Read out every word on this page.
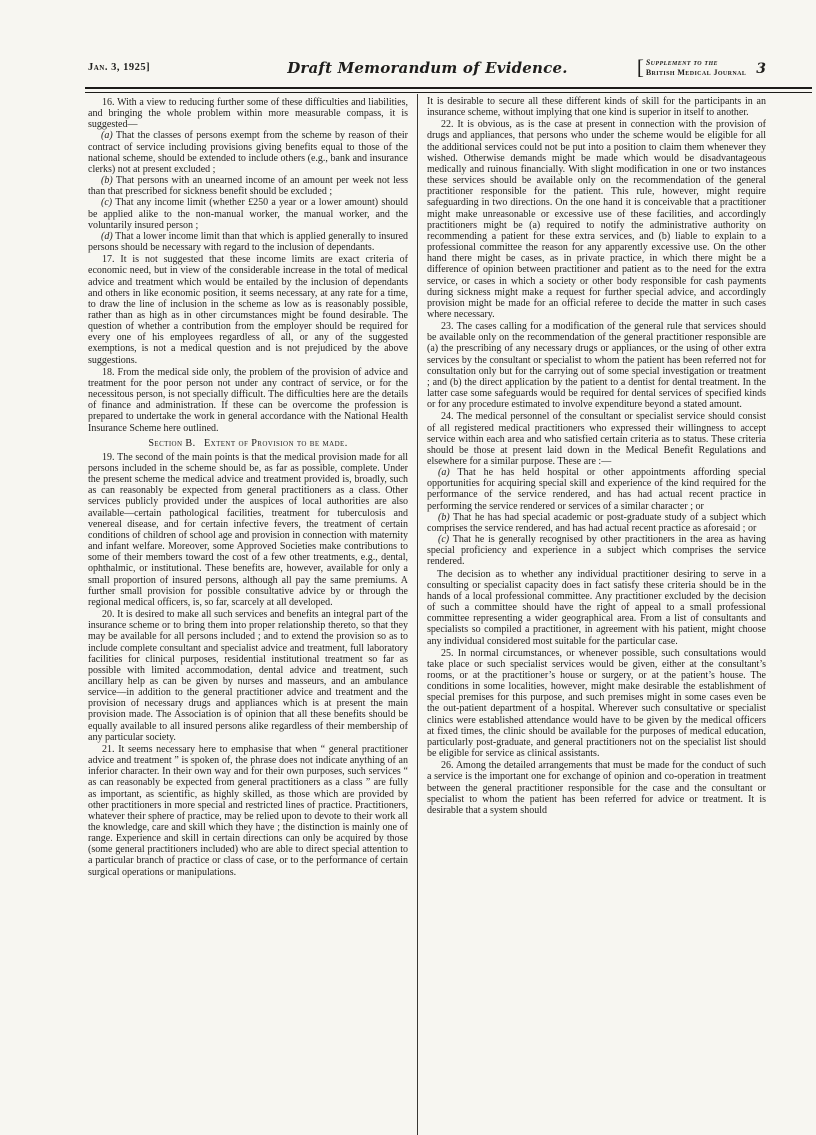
Jan. 3, 1925]	Draft Memorandum of Evidence.	[ Supplement to the
British Medical Journal 3

16. With a view to reducing further some of these difficulties and liabilities, and bringing the whole problem within more measurable compass, it is suggested—

(a) That the classes of persons exempt from the scheme by reason of their contract of service including provisions giving benefits equal to those of the national scheme, should be extended to include others (e.g., bank and insurance clerks) not at present excluded ;

(b) That persons with an unearned income of an amount per week not less than that prescribed for sickness benefit should be excluded ;

(c) That any income limit (whether £250 a year or a lower amount) should be applied alike to the non-manual worker, the manual worker, and the voluntarily insured person ;

(d) That a lower income limit than that which is applied generally to insured persons should be necessary with regard to the inclusion of dependants.

17. It is not suggested that these income limits are exact criteria of economic need, but in view of the considerable increase in the total of medical advice and treatment which would be entailed by the inclusion of dependants and others in like economic position, it seems necessary, at any rate for a time, to draw the line of inclusion in the scheme as low as is reasonably possible, rather than as high as in other circumstances might be found desirable. The question of whether a contribution from the employer should be required for every one of his employees regardless of all, or any of the suggested exemptions, is not a medical question and is not prejudiced by the above suggestions.

18. From the medical side only, the problem of the provision of advice and treatment for the poor person not under any contract of service, or for the necessitous person, is not specially difficult. The difficulties here are the details of finance and administration. If these can be overcome the profession is prepared to undertake the work in general accordance with the National Health Insurance Scheme here outlined.

Section B.  Extent of Provision to be made.

19. The second of the main points is that the medical provision made for all persons included in the scheme should be, as far as possible, complete. Under the present scheme the medical advice and treatment provided is, broadly, such as can reasonably be expected from general practitioners as a class. Other services publicly provided under the auspices of local authorities are also available—certain pathological facilities, treatment for tuberculosis and venereal disease, and for certain infective fevers, the treatment of certain conditions of children of school age and provision in connection with maternity and infant welfare. Moreover, some Approved Societies make contributions to some of their members toward the cost of a few other treatments, e.g., dental, ophthalmic, or institutional. These benefits are, however, available for only a small proportion of insured persons, although all pay the same premiums. A further small provision for possible consultative advice by or through the regional medical officers, is, so far, scarcely at all developed.

20. It is desired to make all such services and benefits an integral part of the insurance scheme or to bring them into proper relationship thereto, so that they may be available for all persons included ; and to extend the provision so as to include complete consultant and specialist advice and treatment, full laboratory facilities for clinical purposes, residential institutional treatment so far as possible with limited accommodation, dental advice and treatment, such ancillary help as can be given by nurses and masseurs, and an ambulance service—in addition to the general practitioner advice and treatment and the provision of necessary drugs and appliances which is at present the main provision made. The Association is of opinion that all these benefits should be equally available to all insured persons alike regardless of their membership of any particular society.

21. It seems necessary here to emphasise that when “ general practitioner advice and treatment ” is spoken of, the phrase does not indicate anything of an inferior character. In their own way and for their own purposes, such services “ as can reasonably be expected from general practitioners as a class ” are fully as important, as scientific, as highly skilled, as those which are provided by other practitioners in more special and restricted lines of practice. Practitioners, whatever their sphere of practice, may be relied upon to devote to their work all the knowledge, care and skill which they have ; the distinction is mainly one of range. Experience and skill in certain directions can only be acquired by those (some general practitioners included) who are able to direct special attention to a particular branch of practice or class of case, or to the performance of certain surgical operations or manipulations.

It is desirable to secure all these different kinds of skill for the participants in an insurance scheme, without implying that one kind is superior in itself to another.

22. It is obvious, as is the case at present in connection with the provision of drugs and appliances, that persons who under the scheme would be eligible for all the additional services could not be put into a position to claim them whenever they wished. Otherwise demands might be made which would be disadvantageous medically and ruinous financially. With slight modification in one or two instances these services should be available only on the recommendation of the general practitioner responsible for the patient. This rule, however, might require safeguarding in two directions. On the one hand it is conceivable that a practitioner might make unreasonable or excessive use of these facilities, and accordingly practitioners might be (a) required to notify the administrative authority on recommending a patient for these extra services, and (b) liable to explain to a professional committee the reason for any apparently excessive use. On the other hand there might be cases, as in private practice, in which there might be a difference of opinion between practitioner and patient as to the need for the extra service, or cases in which a society or other body responsible for cash payments during sickness might make a request for further special advice, and accordingly provision might be made for an official referee to decide the matter in such cases where necessary.

23. The cases calling for a modification of the general rule that services should be available only on the recommendation of the general practitioner responsible are (a) the prescribing of any necessary drugs or appliances, or the using of other extra services by the consultant or specialist to whom the patient has been referred not for consultation only but for the carrying out of some special investigation or treatment ; and (b) the direct application by the patient to a dentist for dental treatment. In the latter case some safeguards would be required for dental services of specified kinds or for any procedure estimated to involve expenditure beyond a stated amount.

24. The medical personnel of the consultant or specialist service should consist of all registered medical practitioners who expressed their willingness to accept service within each area and who satisfied certain criteria as to status. These criteria should be those at present laid down in the Medical Benefit Regulations and elsewhere for a similar purpose. These are :—

(a) That he has held hospital or other appointments affording special opportunities for acquiring special skill and experience of the kind required for the performance of the service rendered, and has had actual recent practice in performing the service rendered or services of a similar character ; or

(b) That he has had special academic or post-graduate study of a subject which comprises the service rendered, and has had actual recent practice as aforesaid ; or

(c) That he is generally recognised by other practitioners in the area as having special proficiency and experience in a subject which comprises the service rendered.

The decision as to whether any individual practitioner desiring to serve in a consulting or specialist capacity does in fact satisfy these criteria should be in the hands of a local professional committee. Any practitioner excluded by the decision of such a committee should have the right of appeal to a small professional committee representing a wider geographical area. From a list of consultants and specialists so compiled a practitioner, in agreement with his patient, might choose any individual considered most suitable for the particular case.

25. In normal circumstances, or whenever possible, such consultations would take place or such specialist services would be given, either at the consultant’s rooms, or at the practitioner’s house or surgery, or at the patient’s house. The conditions in some localities, however, might make desirable the establishment of special premises for this purpose, and such premises might in some cases even be the out-patient department of a hospital. Wherever such consultative or specialist clinics were established attendance would have to be given by the medical officers at fixed times, the clinic should be available for the purposes of medical education, particularly post-graduate, and general practitioners not on the specialist list should be eligible for service as clinical assistants.

26. Among the detailed arrangements that must be made for the conduct of such a service is the important one for exchange of opinion and co-operation in treatment between the general practitioner responsible for the case and the consultant or specialist to whom the patient has been referred for advice or treatment. It is desirable that a system should
